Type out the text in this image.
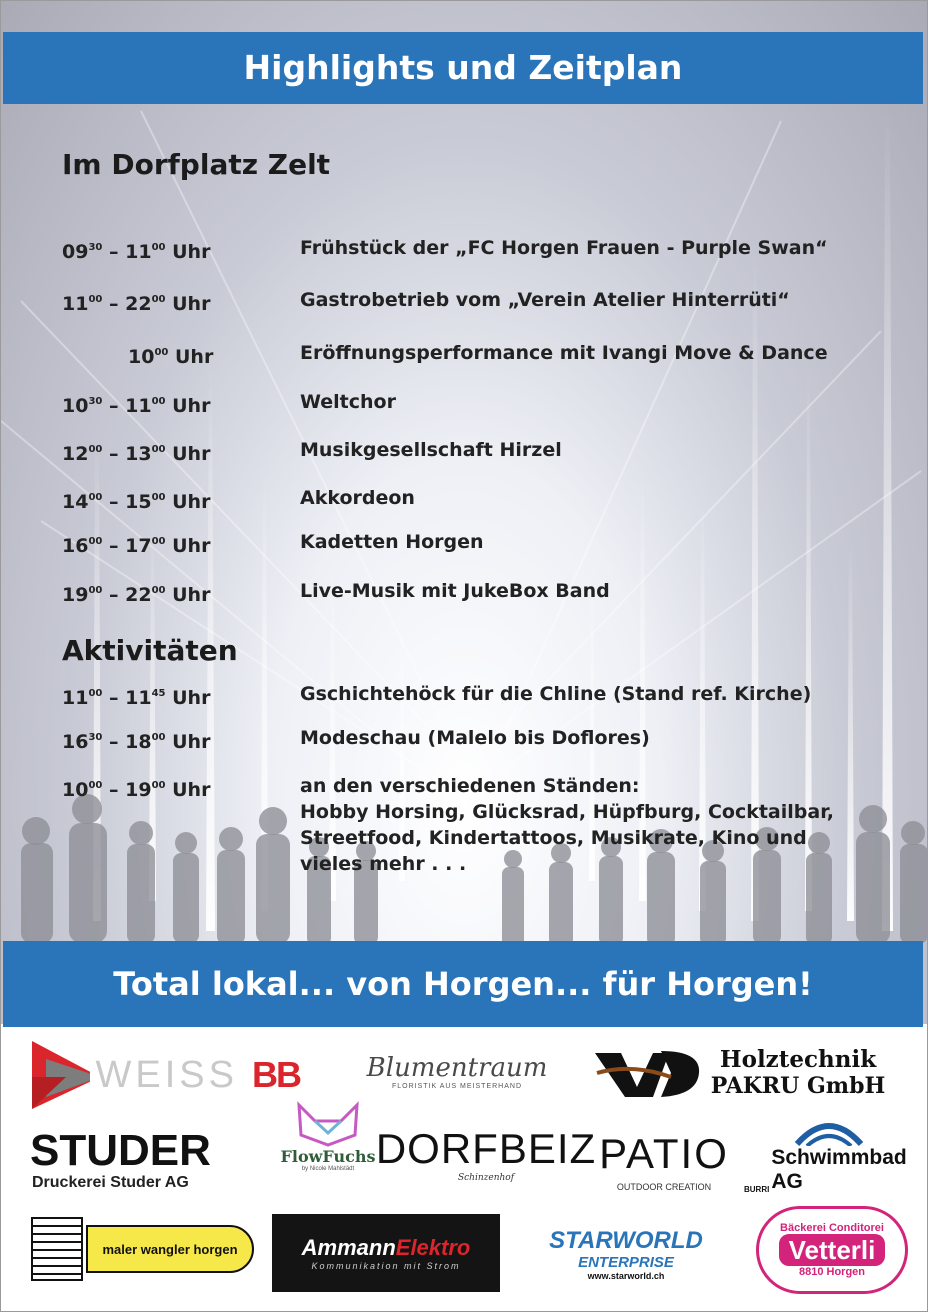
Highlights und Zeitplan
Im Dorfplatz Zelt
$09^{30} - 11^{00}$ Uhr	Frühstück der „FC Horgen Frauen - Purple Swan“
$11^{00} - 22^{00}$ Uhr	Gastrobetrieb vom „Verein Atelier Hinterrüti“
$10^{00}$ Uhr	Eröffnungsperformance mit Ivangi Move & Dance
$10^{30} - 11^{00}$ Uhr	Weltchor
$12^{00} - 13^{00}$ Uhr	Musikgesellschaft Hirzel
$14^{00} - 15^{00}$ Uhr	Akkordeon
$16^{00} - 17^{00}$ Uhr	Kadetten Horgen
$19^{00} - 22^{00}$ Uhr	Live-Musik mit JukeBox Band
Aktivitäten
$11^{00} - 11^{45}$ Uhr	Gschichtehöck für die Chline (Stand ref. Kirche)
$16^{30} - 18^{00}$ Uhr	Modeschau (Malelo bis Doflores)
$10^{00} - 19^{00}$ Uhr	an den verschiedenen Ständen:
Hobby Horsing, Glücksrad, Hüpfburg, Cocktailbar, Streetfood, Kindertattoos, Musikrate, Kino und vieles mehr . . .
Total lokal... von Horgen... für Horgen!
WEISS BB	Blumentraum
FLORISTIK AUS MEISTERHAND
Holztechnik
PAKRU GmbH
STUDER
Druckerei Studer AG
FlowFuchs
by Nicole Mahlstädt DORFBEIZ
Schinzenhof
PATIO
OUTDOOR CREATION	BURRI
Schwimmbad AG
maler wangler horgen	Ammann Elektro
Kommunikation mit Strom
STARWORLD
ENTERPRISE
www.starworld.ch
Bäckerei Conditorei
Vetterli
8810 Horgen
